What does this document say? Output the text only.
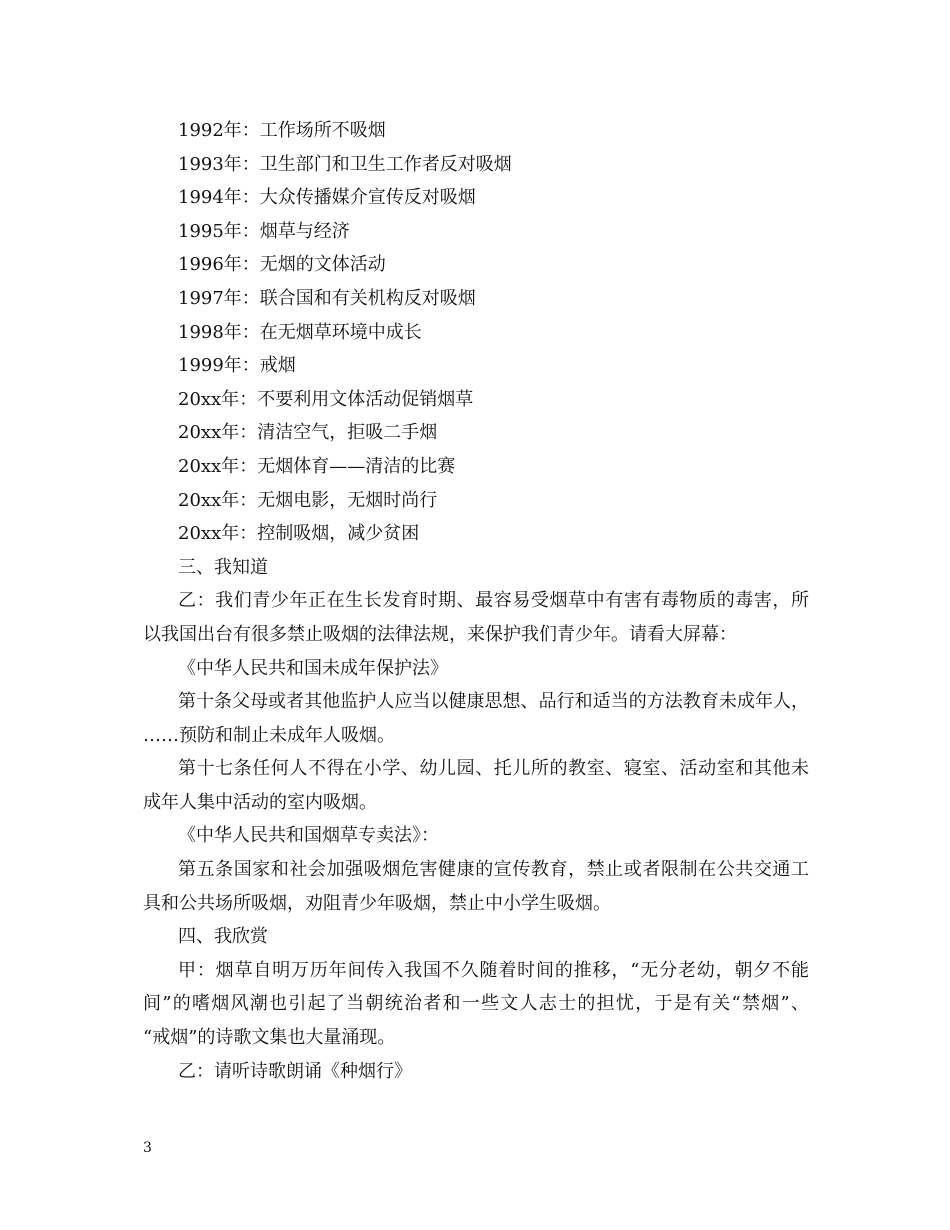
1992年：工作场所不吸烟
1993年：卫生部门和卫生工作者反对吸烟
1994年：大众传播媒介宣传反对吸烟
1995年：烟草与经济
1996年：无烟的文体活动
1997年：联合国和有关机构反对吸烟
1998年：在无烟草环境中成长
1999年：戒烟
20xx年：不要利用文体活动促销烟草
20xx年：清洁空气，拒吸二手烟
20xx年：无烟体育——清洁的比赛
20xx年：无烟电影，无烟时尚行
20xx年：控制吸烟，减少贫困
三、我知道
乙：我们青少年正在生长发育时期、最容易受烟草中有害有毒物质的毒害，所
以我国出台有很多禁止吸烟的法律法规，来保护我们青少年。请看大屏幕：
《中华人民共和国未成年保护法》
第十条父母或者其他监护人应当以健康思想、品行和适当的方法教育未成年人，
……预防和制止未成年人吸烟。
第十七条任何人不得在小学、幼儿园、托儿所的教室、寝室、活动室和其他未
成年人集中活动的室内吸烟。
《中华人民共和国烟草专卖法》：
第五条国家和社会加强吸烟危害健康的宣传教育，禁止或者限制在公共交通工
具和公共场所吸烟，劝阻青少年吸烟，禁止中小学生吸烟。
四、我欣赏
甲：烟草自明万历年间传入我国不久随着时间的推移，“无分老幼，朝夕不能
间”的嗜烟风潮也引起了当朝统治者和一些文人志士的担忧，于是有关“禁烟”、
“戒烟”的诗歌文集也大量涌现。
乙：请听诗歌朗诵《种烟行》
3
